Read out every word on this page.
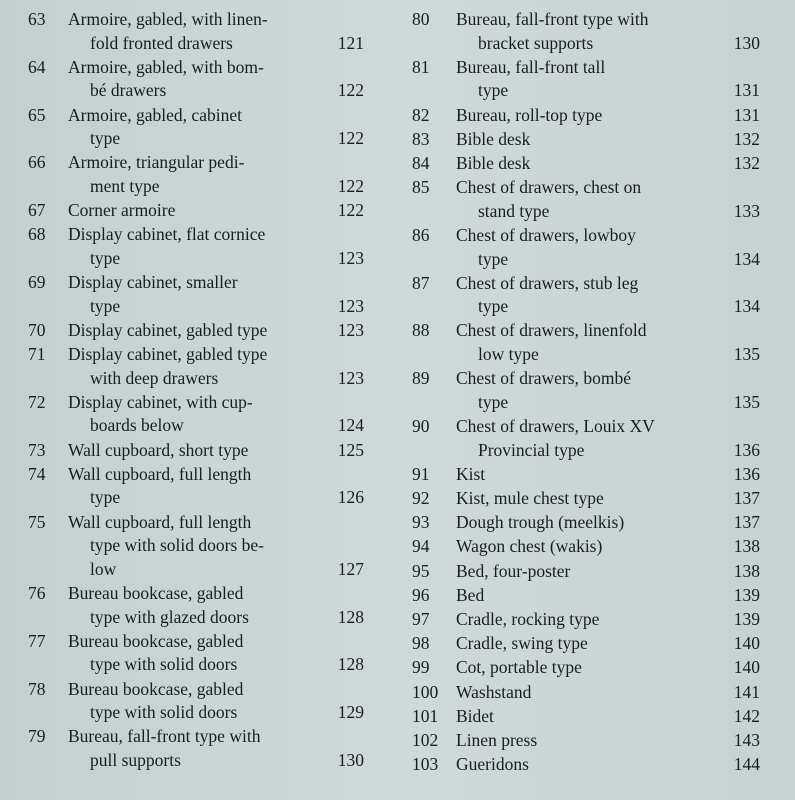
63	Armoire, gabled, with linen-
fold fronted drawers	121
64	Armoire, gabled, with bom-
bé drawers	122
65	Armoire, gabled, cabinet
type	122
66	Armoire, triangular pedi-
ment type	122
67	Corner armoire	122
68	Display cabinet, flat cornice
type	123
69	Display cabinet, smaller
type	123
70	Display cabinet, gabled type	123
71	Display cabinet, gabled type
with deep drawers	123
72	Display cabinet, with cup-
boards below	124
73	Wall cupboard, short type	125
74	Wall cupboard, full length
type	126
75	Wall cupboard, full length
type with solid doors be-
low	127
76	Bureau bookcase, gabled
type with glazed doors	128
77	Bureau bookcase, gabled
type with solid doors	128
78	Bureau bookcase, gabled
type with solid doors	129
79	Bureau, fall-front type with
pull supports	130
80	Bureau, fall-front type with
bracket supports	130
81	Bureau, fall-front tall
type	131
82	Bureau, roll-top type	131
83	Bible desk	132
84	Bible desk	132
85	Chest of drawers, chest on
stand type	133
86	Chest of drawers, lowboy
type	134
87	Chest of drawers, stub leg
type	134
88	Chest of drawers, linenfold
low type	135
89	Chest of drawers, bombé
type	135
90	Chest of drawers, Louix XV
Provincial type	136
91	Kist	136
92	Kist, mule chest type	137
93	Dough trough (meelkis)	137
94	Wagon chest (wakis)	138
95	Bed, four-poster	138
96	Bed	139
97	Cradle, rocking type	139
98	Cradle, swing type	140
99	Cot, portable type	140
100	Washstand	141
101	Bidet	142
102	Linen press	143
103	Gueridons	144
